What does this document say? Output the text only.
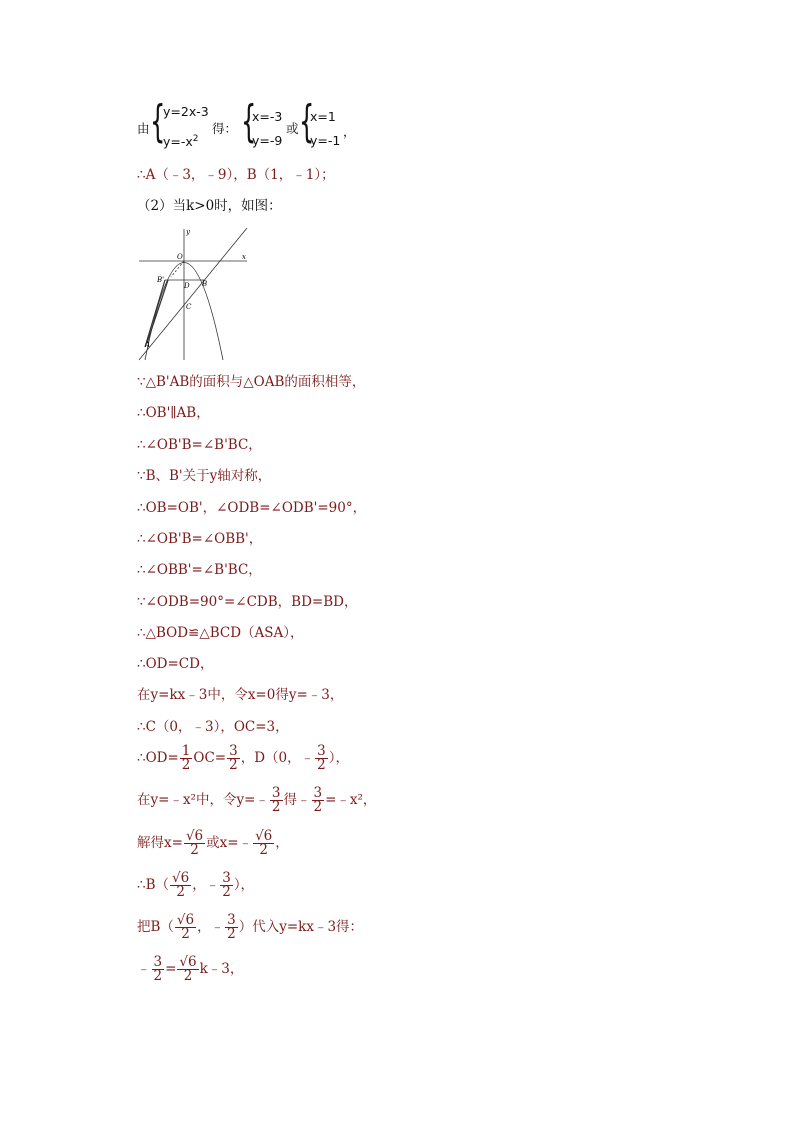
由 {
y=2x-3
$y=-x^2$
得： {
x=-3
y=-9
或 {
x=1
y=-1
，
∴A（﹣3，﹣9），B（1，﹣1）；
（2）当k>0时，如图：
y
x
O
B'
D B
C
A
∵△B'AB的面积与△OAB的面积相等，
∴OB'∥AB，
∴∠OB'B=∠B'BC，
∵B、B'关于y轴对称，
∴OB=OB'，∠ODB=∠ODB'=90°，
∴∠OB'B=∠OBB'，
∴∠OBB'=∠B'BC，
∵∠ODB=90°=∠CDB，BD=BD，
∴△BOD≌△BCD（ASA），
∴OD=CD，
在y=kx﹣3中，令x=0得y=﹣3，
∴C（0，﹣3），OC=3，
∴OD= $\frac{1}{2} OC= \frac{3}{2}$ ，D（0，﹣ $\frac{3}{2}$ ），
在y=﹣x²中，令y=﹣ $\frac{3}{2}$ 得﹣ $\frac{3}{2}$ =﹣x²，
解得$x= \frac{√6}{2}$ 或x=﹣ $\frac{√6}{2}$ ，
∴B（ $\frac{√6}{2}$ ，﹣ $\frac{3}{2}$ ），
把$B( \frac{√6}{2}$ ，﹣ $\frac{3}{2}$ ）代入y=kx﹣3得：
﹣ $\frac{3}{2} = \frac{√6}{2}$ k﹣3，
